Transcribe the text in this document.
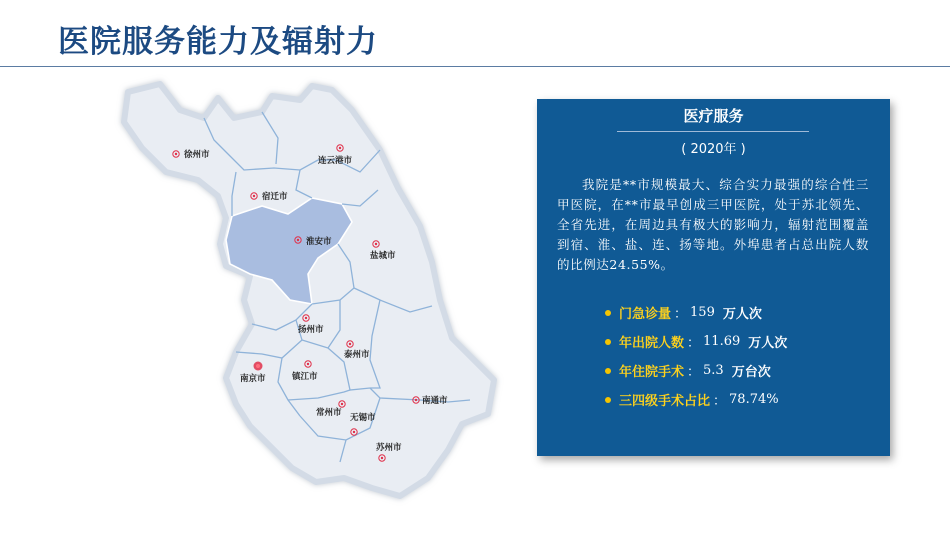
医院服务能力及辐射力
徐州市
连云港市
宿迁市
淮安市
盐城市
扬州市
泰州市
南京市	镇江市
南通市
常州市 无锡市
苏州市
医疗服务
( 2020年 )
我院是**市规模最大、综合实力最强的综合性三甲医院，在**市最早创成三甲医院，处于苏北领先、全省先进，在周边具有极大的影响力，辐射范围覆盖到宿、淮、盐、连、扬等地。外埠患者占总出院人数的比例达24.55%。
门急诊量 ： 159 万人次
年出院人数 ： 11.69 万人次
年住院手术 ： 5.3 万台次
三四级手术占比 ： 78.74%
